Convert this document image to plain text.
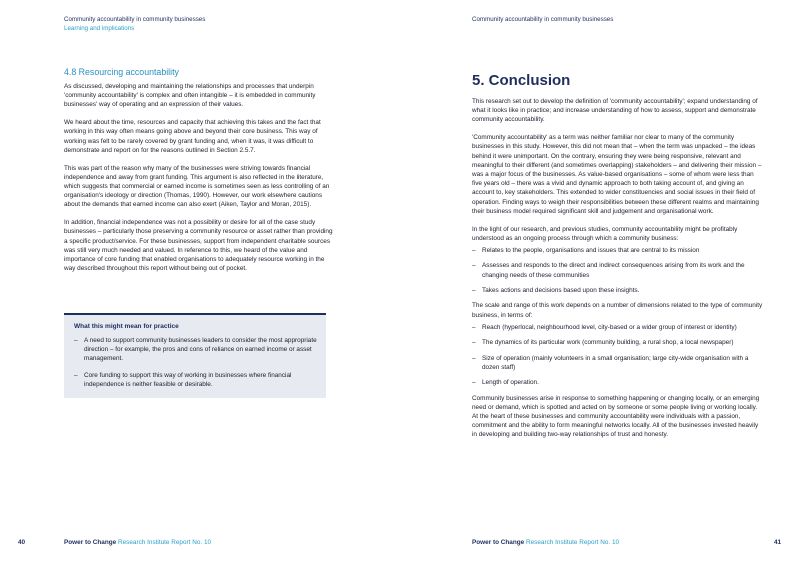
Community accountability in community businesses
Learning and implications
4.8 Resourcing accountability

As discussed, developing and maintaining the relationships and processes that underpin 'community accountability' is complex and often intangible – it is embedded in community businesses' way of operating and an expression of their values.

We heard about the time, resources and capacity that achieving this takes and the fact that working in this way often means going above and beyond their core business. This way of working was felt to be rarely covered by grant funding and, when it was, it was difficult to demonstrate and report on for the reasons outlined in Section 2.5.7.

This was part of the reason why many of the businesses were striving towards financial independence and away from grant funding. This argument is also reflected in the literature, which suggests that commercial or earned income is sometimes seen as less controlling of an organisation's ideology or direction (Thomas, 1990). However, our work elsewhere cautions about the demands that earned income can also exert (Aiken, Taylor and Moran, 2015).

In addition, financial independence was not a possibility or desire for all of the case study businesses – particularly those preserving a community resource or asset rather than providing a specific product/service. For these businesses, support from independent charitable sources was still very much needed and valued. In reference to this, we heard of the value and importance of core funding that enabled organisations to adequately resource working in the way described throughout this report without being out of pocket.

What this might mean for practice
–	A need to support community businesses leaders to consider the most appropriate direction – for example, the pros and cons of reliance on earned income or asset management.
–	Core funding to support this way of working in businesses where financial independence is neither feasible or desirable.
40	Power to Change Research Institute Report No. 10
Community accountability in community businesses
5. Conclusion

This research set out to develop the definition of 'community accountability'; expand understanding of what it looks like in practice; and increase understanding of how to assess, support and demonstrate community accountability.

'Community accountability' as a term was neither familiar nor clear to many of the community businesses in this study. However, this did not mean that – when the term was unpacked – the ideas behind it were unimportant. On the contrary, ensuring they were being responsive, relevant and meaningful to their different (and sometimes overlapping) stakeholders – and delivering their mission – was a major focus of the businesses. As value-based organisations – some of whom were less than five years old – there was a vivid and dynamic approach to both taking account of, and giving an account to, key stakeholders. This extended to wider constituencies and social issues in their field of operation. Finding ways to weigh their responsibilities between these different realms and maintaining their business model required significant skill and judgement and organisational work.

In the light of our research, and previous studies, community accountability might be profitably understood as an ongoing process through which a community business:

–	Relates to the people, organisations and issues that are central to its mission
–	Assesses and responds to the direct and indirect consequences arising from its work and the changing needs of these communities
–	Takes actions and decisions based upon these insights.

The scale and range of this work depends on a number of dimensions related to the type of community business, in terms of:

–	Reach (hyperlocal, neighbourhood level, city-based or a wider group of interest or identity)
–	The dynamics of its particular work (community building, a rural shop, a local newspaper)
–	Size of operation (mainly volunteers in a small organisation; large city-wide organisation with a dozen staff)
–	Length of operation.

Community businesses arise in response to something happening or changing locally, or an emerging need or demand, which is spotted and acted on by someone or some people living or working locally. At the heart of these businesses and community accountability were individuals with a passion, commitment and the ability to form meaningful networks locally. All of the businesses invested heavily in developing and building two-way relationships of trust and honesty.

Power to Change Research Institute Report No. 10	41
